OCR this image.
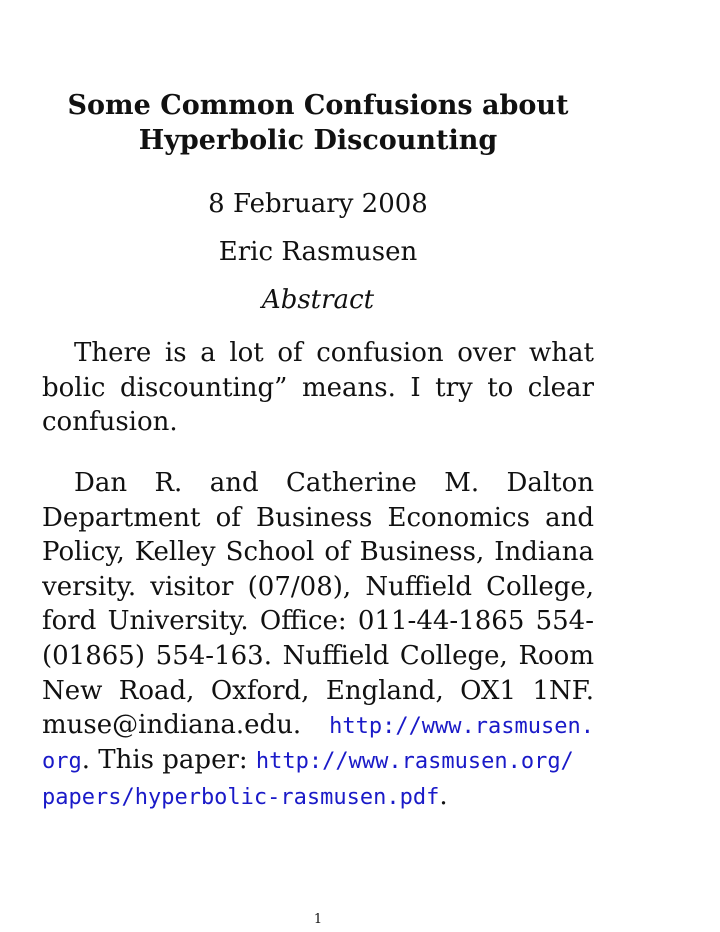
Some Common Confusions about
Hyperbolic Discounting
8 February 2008
Eric Rasmusen
Abstract
There is a lot of confusion over what
bolic discounting” means. I try to clear
confusion.
Dan R. and Catherine M. Dalton
Department of Business Economics and
Policy, Kelley School of Business, Indiana
versity. visitor (07/08), Nuffield College,
ford University. Office: 011-44-1865 554-
(01865) 554-163. Nuffield College, Room
New Road, Oxford, England, OX1 1NF.
muse@indiana.edu. http://www.rasmusen.
org. This paper: http://www.rasmusen.org/
papers/hyperbolic-rasmusen.pdf.
1
